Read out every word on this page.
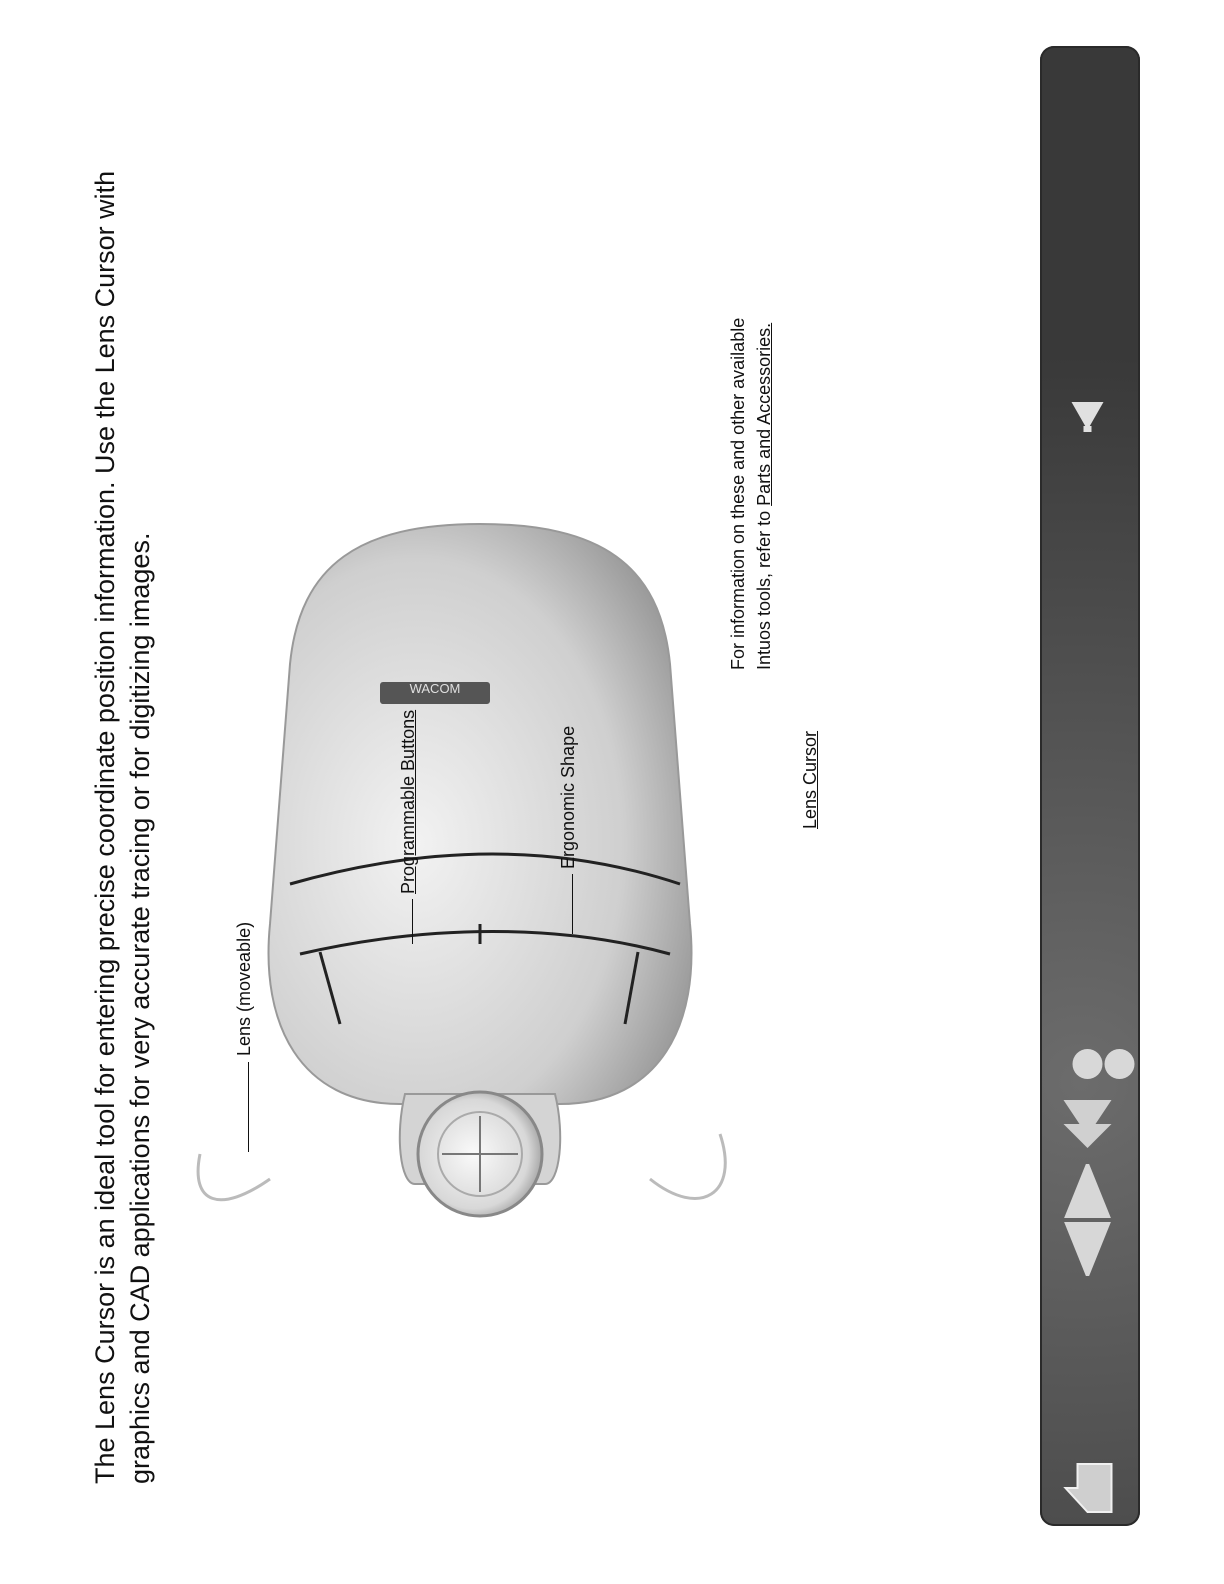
The Lens Cursor is an ideal tool for entering precise coordinate position information. Use the Lens Cursor with graphics and CAD applications for very accurate tracing or for digitizing images.	WACOM
Lens (moveable)
Programmable Buttons	Ergonomic Shape	Lens Cursor
For information on these and other available Intuos tools, refer to Parts and Accessories.
